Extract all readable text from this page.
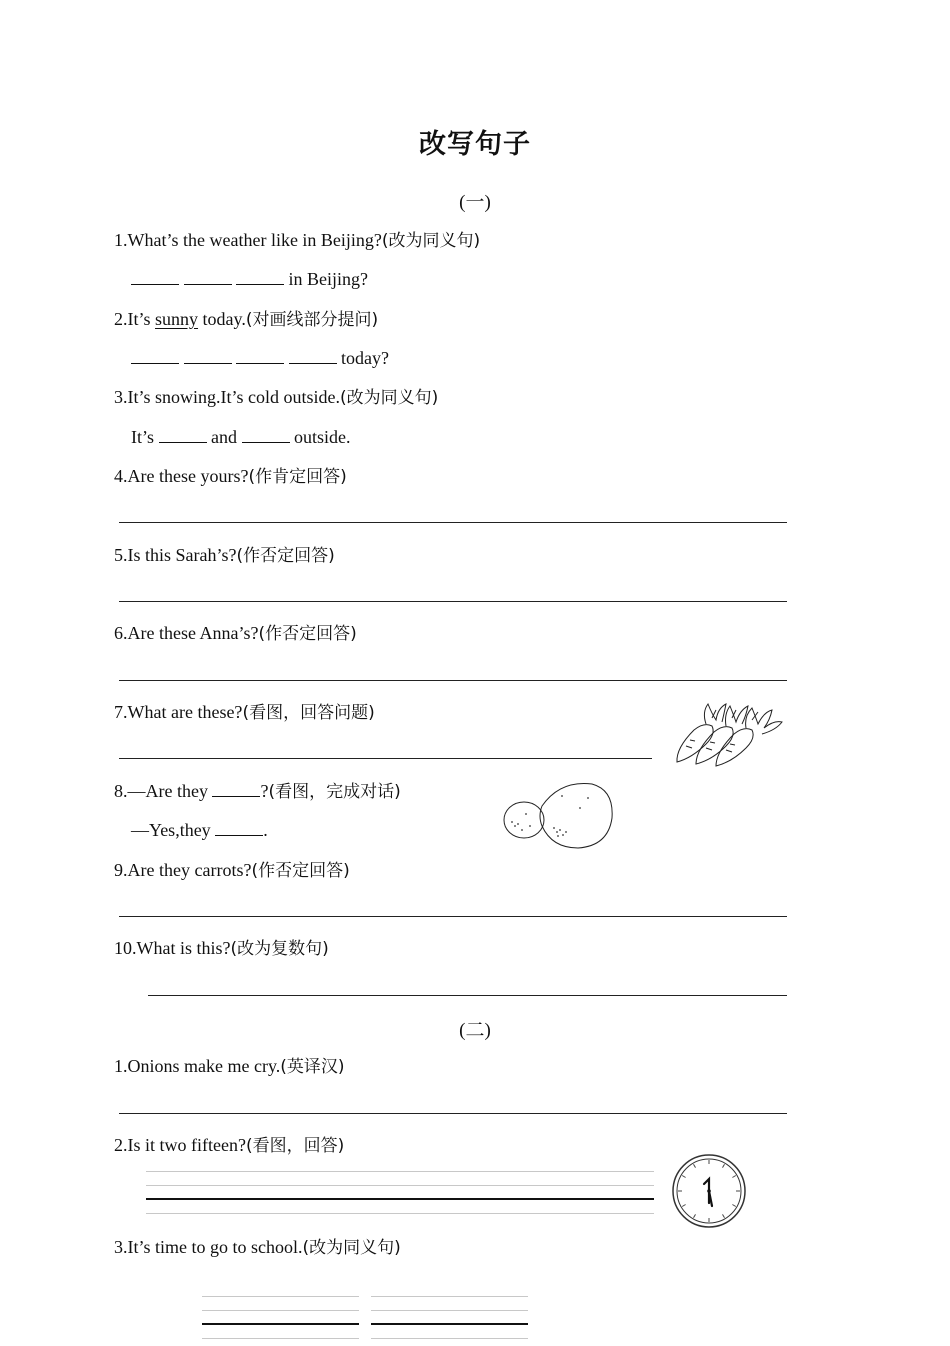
改写句子
(一)
1.What’s the weather like in Beijing?(改为同义句)
in Beijing?
2.It’s sunny today.(对画线部分提问)
today?
3.It’s snowing.It’s cold outside.(改为同义句)
It’s	and	outside.
4.Are these yours?(作肯定回答)
5.Is this Sarah’s?(作否定回答)
6.Are these Anna’s?(作否定回答)
7.What are these?(看图，回答问题)
8.—Are they	?(看图，完成对话)
—Yes,they	.
9.Are they carrots?(作否定回答)
10.What is this?(改为复数句)
(二)
1.Onions make me cry.(英译汉)
2.Is it two fifteen?(看图，回答)
3.It’s time to go to school.(改为同义句)
